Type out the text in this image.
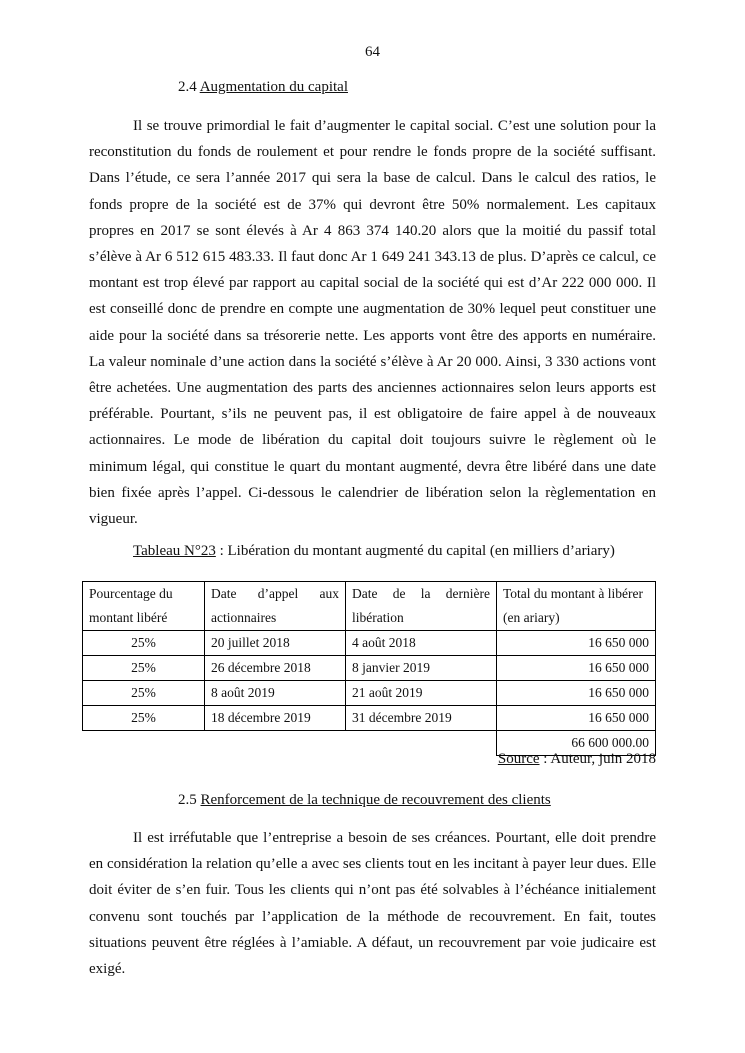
64
2.4 Augmentation du capital

Il se trouve primordial le fait d’augmenter le capital social. C’est une solution pour la reconstitution du fonds de roulement et pour rendre le fonds propre de la société suffisant. Dans l’étude, ce sera l’année 2017 qui sera la base de calcul. Dans le calcul des ratios, le fonds propre de la société est de 37% qui devront être 50% normalement. Les capitaux propres en 2017 se sont élevés à Ar 4 863 374 140.20 alors que la moitié du passif total s’élève à Ar 6 512 615 483.33. Il faut donc Ar 1 649 241 343.13 de plus. D’après ce calcul, ce montant est trop élevé par rapport au capital social de la société qui est d’Ar 222 000 000. Il est conseillé donc de prendre en compte une augmentation de 30% lequel peut constituer une aide pour la société dans sa trésorerie nette. Les apports vont être des apports en numéraire. La valeur nominale d’une action dans la société s’élève à Ar 20 000. Ainsi, 3 330 actions vont être achetées. Une augmentation des parts des anciennes actionnaires selon leurs apports est préférable. Pourtant, s’ils ne peuvent pas, il est obligatoire de faire appel à de nouveaux actionnaires. Le mode de libération du capital doit toujours suivre le règlement où le minimum légal, qui constitue le quart du montant augmenté, devra être libéré dans une date bien fixée après l’appel. Ci-dessous le calendrier de libération selon la règlementation en vigueur.

Tableau N°23 : Libération du montant augmenté du capital (en milliers d’ariary)
Pourcentage du montant libéré	Date d’appel aux actionnaires	Date de la dernière libération	Total du montant à libérer (en ariary)
25%	20 juillet 2018	4 août 2018	16 650 000
25%	26 décembre 2018	8 janvier 2019	16 650 000
25%	8 août 2019	21 août 2019	16 650 000
25%	18 décembre 2019	31 décembre 2019	16 650 000
			66 600 000.00
Source : Auteur, juin 2018
2.5 Renforcement de la technique de recouvrement des clients

Il est irréfutable que l’entreprise a besoin de ses créances. Pourtant, elle doit prendre en considération la relation qu’elle a avec ses clients tout en les incitant à payer leur dues. Elle doit éviter de s’en fuir. Tous les clients qui n’ont pas été solvables à l’échéance initialement convenu sont touchés par l’application de la méthode de recouvrement. En fait, toutes situations peuvent être réglées à l’amiable. A défaut, un recouvrement par voie judicaire est exigé.
